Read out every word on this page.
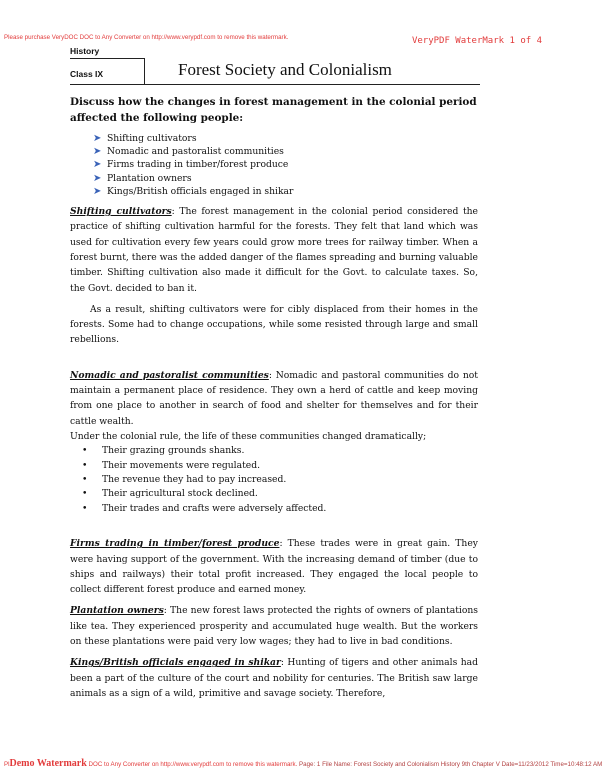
Please purchase VeryDOC DOC to Any Converter on http://www.verypdf.com to remove this watermark.	VeryPDF WaterMark 1 of 4
History
Class IX	Forest Society and Colonialism
Discuss how the changes in forest management in the colonial period affected the following people:
➤ Shifting cultivators
➤ Nomadic and pastoralist communities
➤ Firms trading in timber/forest produce
➤ Plantation owners
➤ Kings/British officials engaged in shikar

Shifting cultivators: The forest management in the colonial period considered the practice of shifting cultivation harmful for the forests. They felt that land which was used for cultivation every few years could grow more trees for railway timber. When a forest burnt, there was the added danger of the flames spreading and burning valuable timber. Shifting cultivation also made it difficult for the Govt. to calculate taxes. So, the Govt. decided to ban it.

As a result, shifting cultivators were for cibly displaced from their homes in the forests. Some had to change occupations, while some resisted through large and small rebellions.

Nomadic and pastoralist communities: Nomadic and pastoral communities do not maintain a permanent place of residence. They own a herd of cattle and keep moving from one place to another in search of food and shelter for themselves and for their cattle wealth.

Under the colonial rule, the life of these communities changed dramatically;

• Their grazing grounds shanks.
• Their movements were regulated.
• The revenue they had to pay increased.
• Their agricultural stock declined.
• Their trades and crafts were adversely affected.

Firms trading in timber/forest produce: These trades were in great gain. They were having support of the government. With the increasing demand of timber (due to ships and railways) their total profit increased. They engaged the local people to collect different forest produce and earned money.

Plantation owners: The new forest laws protected the rights of owners of plantations like tea. They experienced prosperity and accumulated huge wealth. But the workers on these plantations were paid very low wages; they had to live in bad conditions.

Kings/British officials engaged in shikar: Hunting of tigers and other animals had been a part of the culture of the court and nobility for centuries. The British saw large animals as a sign of a wild, primitive and savage society. Therefore,

PlDemo Watermark DOC to Any Converter on http://www.verypdf.com to remove this watermark. Page: 1 File Name: Forest Society and Colonialism History 9th Chapter V Date=11/23/2012 Time=10:48:12 AM
